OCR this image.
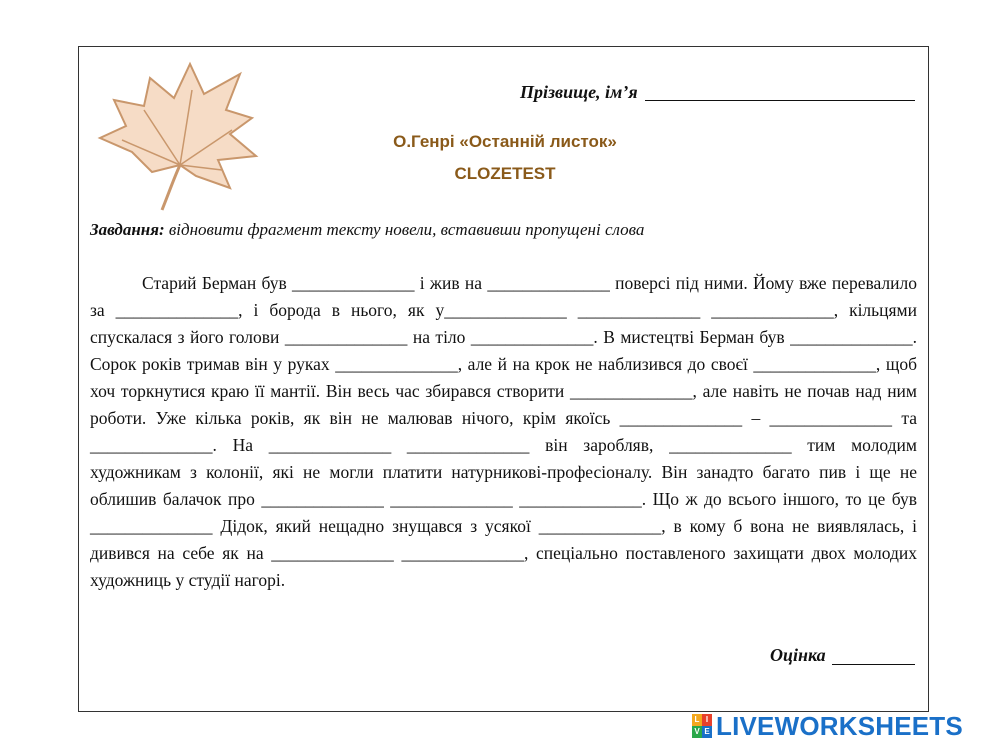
Прізвище, ім’я
О.Генрі «Останній листок»
CLOZETEST
Завдання: відновити фрагмент тексту новели, вставивши пропущені слова

Старий Берман був ______________ і жив на ______________ поверсі під ними. Йому вже перевалило за ______________, і борода в нього, як у______________ ______________ ______________, кільцями спускалася з його голови ______________ на тіло ______________. В мистецтві Берман був ______________. Сорок років тримав він у руках ______________, але й на крок не наблизився до своєї ______________, щоб хоч торкнутися краю її мантії. Він весь час збирався створити ______________, але навіть не почав над ним роботи. Уже кілька років, як він не малював нічого, крім якоїсь ______________ – ______________ та ______________. На ______________ ______________ він заробляв, ______________ тим молодим художникам з колонії, які не могли платити натурникові-професіоналу. Він занадто багато пив і ще не облишив балачок про ______________ ______________ ______________. Що ж до всього іншого, то це був ______________ Дідок, який нещадно знущався з усякої ______________, в кому б вона не виявлялась, і дивився на себе як на ______________ ______________, спеціально поставленого захищати двох молодих художниць у студії нагорі.

Оцінка
L I
V E LIVEWORKSHEETS
